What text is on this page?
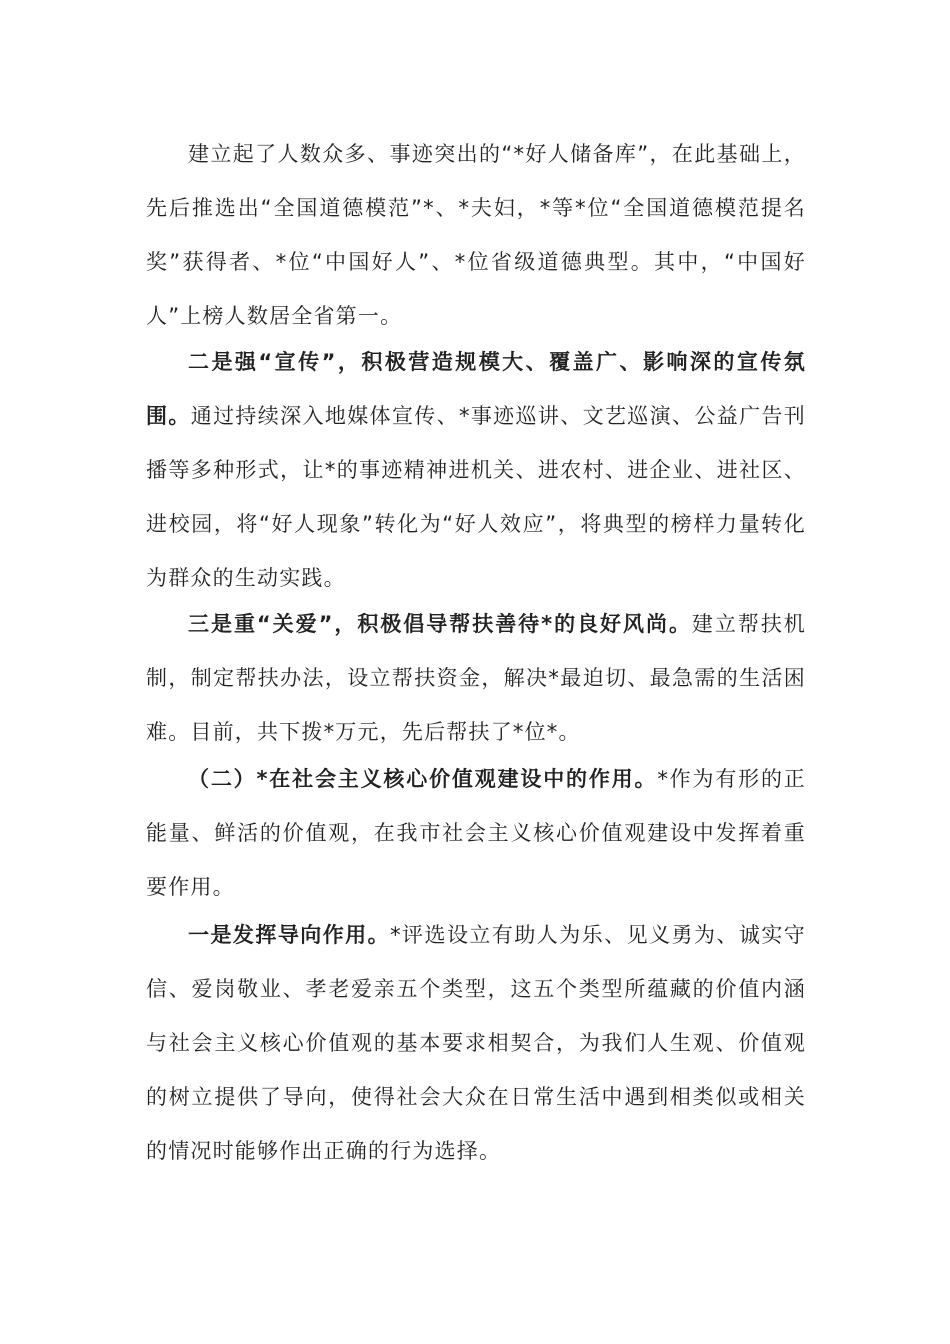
建立起了人数众多、事迹突出的“*好人储备库”，在此基础上，先后推选出“全国道德模范”*、*夫妇，*等*位“全国道德模范提名奖”获得者、*位“中国好人”、*位省级道德典型。其中，“中国好人”上榜人数居全省第一。

二是强“宣传”，积极营造规模大、覆盖广、影响深的宣传氛围。通过持续深入地媒体宣传、*事迹巡讲、文艺巡演、公益广告刊播等多种形式，让*的事迹精神进机关、进农村、进企业、进社区、进校园，将“好人现象”转化为“好人效应”，将典型的榜样力量转化为群众的生动实践。

三是重“关爱”，积极倡导帮扶善待*的良好风尚。建立帮扶机制，制定帮扶办法，设立帮扶资金，解决*最迫切、最急需的生活困难。目前，共下拨*万元，先后帮扶了*位*。

（二）*在社会主义核心价值观建设中的作用。*作为有形的正能量、鲜活的价值观，在我市社会主义核心价值观建设中发挥着重要作用。

一是发挥导向作用。*评选设立有助人为乐、见义勇为、诚实守信、爱岗敬业、孝老爱亲五个类型，这五个类型所蕴藏的价值内涵与社会主义核心价值观的基本要求相契合，为我们人生观、价值观的树立提供了导向，使得社会大众在日常生活中遇到相类似或相关的情况时能够作出正确的行为选择。
